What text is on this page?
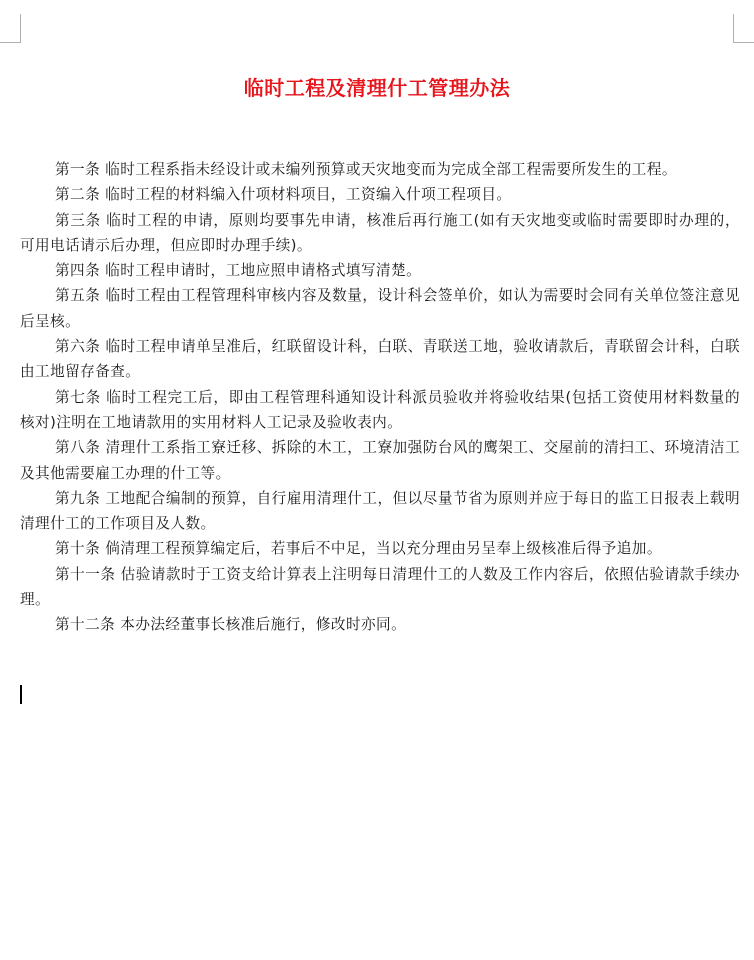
临时工程及清理什工管理办法

第一条 临时工程系指未经设计或未编列预算或天灾地变而为完成全部工程需要所发生的工程。

第二条 临时工程的材料编入什项材料项目，工资编入什项工程项目。

第三条 临时工程的申请，原则均要事先申请，核准后再行施工(如有天灾地变或临时需要即时办理的，可用电话请示后办理，但应即时办理手续)。

第四条 临时工程申请时，工地应照申请格式填写清楚。

第五条 临时工程由工程管理科审核内容及数量，设计科会签单价，如认为需要时会同有关单位签注意见后呈核。

第六条 临时工程申请单呈准后，红联留设计科，白联、青联送工地，验收请款后，青联留会计科，白联由工地留存备查。

第七条 临时工程完工后，即由工程管理科通知设计科派员验收并将验收结果(包括工资使用材料数量的核对)注明在工地请款用的实用材料人工记录及验收表内。

第八条 清理什工系指工寮迁移、拆除的木工，工寮加强防台风的鹰架工、交屋前的清扫工、环境清洁工及其他需要雇工办理的什工等。

第九条 工地配合编制的预算，自行雇用清理什工，但以尽量节省为原则并应于每日的监工日报表上载明清理什工的工作项目及人数。

第十条 倘清理工程预算编定后，若事后不中足，当以充分理由另呈奉上级核准后得予追加。

第十一条 估验请款时于工资支给计算表上注明每日清理什工的人数及工作内容后，依照估验请款手续办理。

第十二条 本办法经董事长核准后施行，修改时亦同。
